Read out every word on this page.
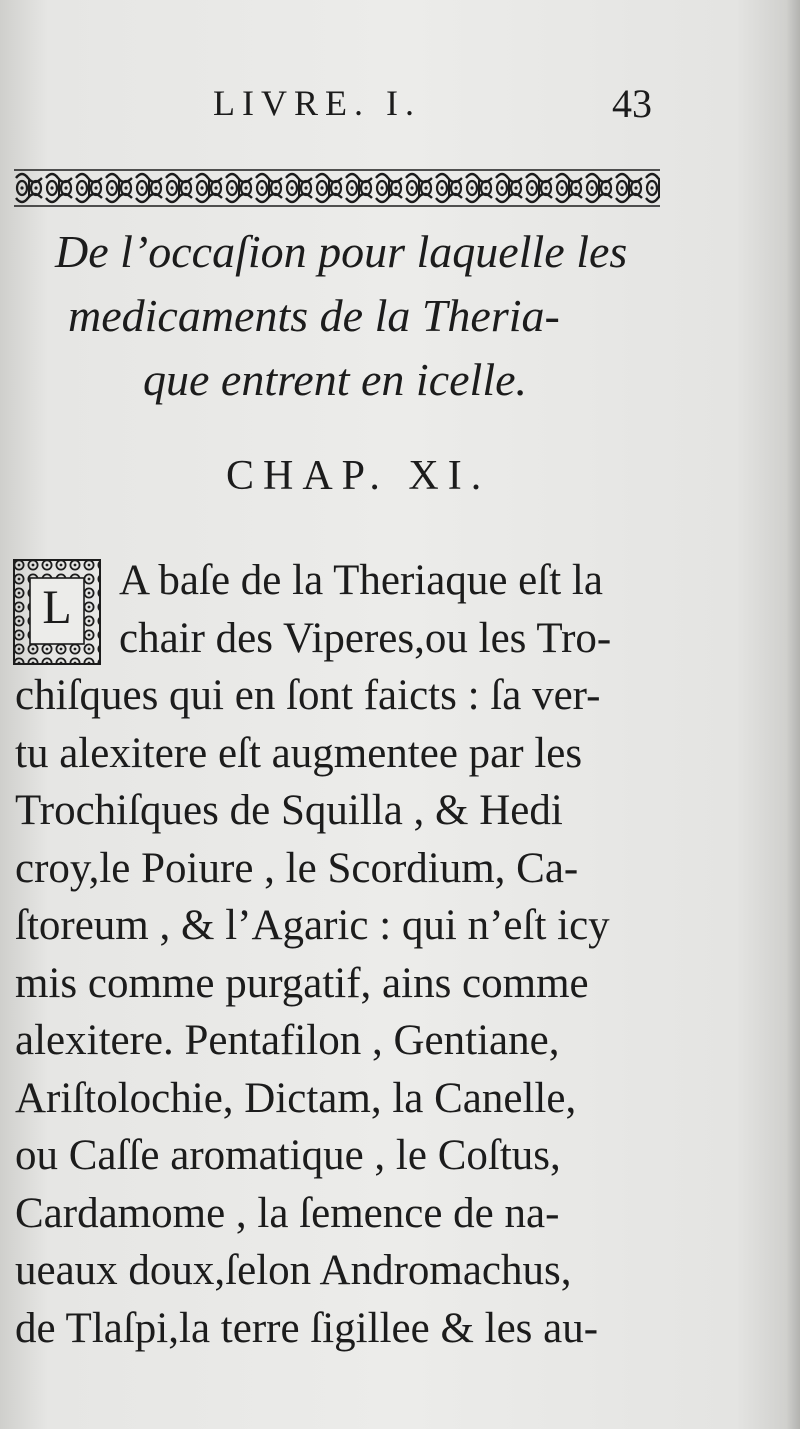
LIVRE. I.	43
De l’occaſion pour laquelle les
medicaments de la Theria-
que entrent en icelle.
CHAP. XI.
L
A baſe de la Theriaque eſt la
chair des Viperes,ou les Tro-
chiſques qui en ſont faicts : ſa ver-
tu alexitere eſt augmentee par les
Trochiſques de Squilla , & Hedi
croy,le Poiure , le Scordium, Ca-
ſtoreum , & l’Agaric : qui n’eſt icy
mis comme purgatif, ains comme
alexitere. Pentafilon , Gentiane,
Ariſtolochie, Dictam, la Canelle,
ou Caſſe aromatique , le Coſtus,
Cardamome , la ſemence de na-
ueaux doux,ſelon Andromachus,
de Tlaſpi,la terre ſigillee & les au-
